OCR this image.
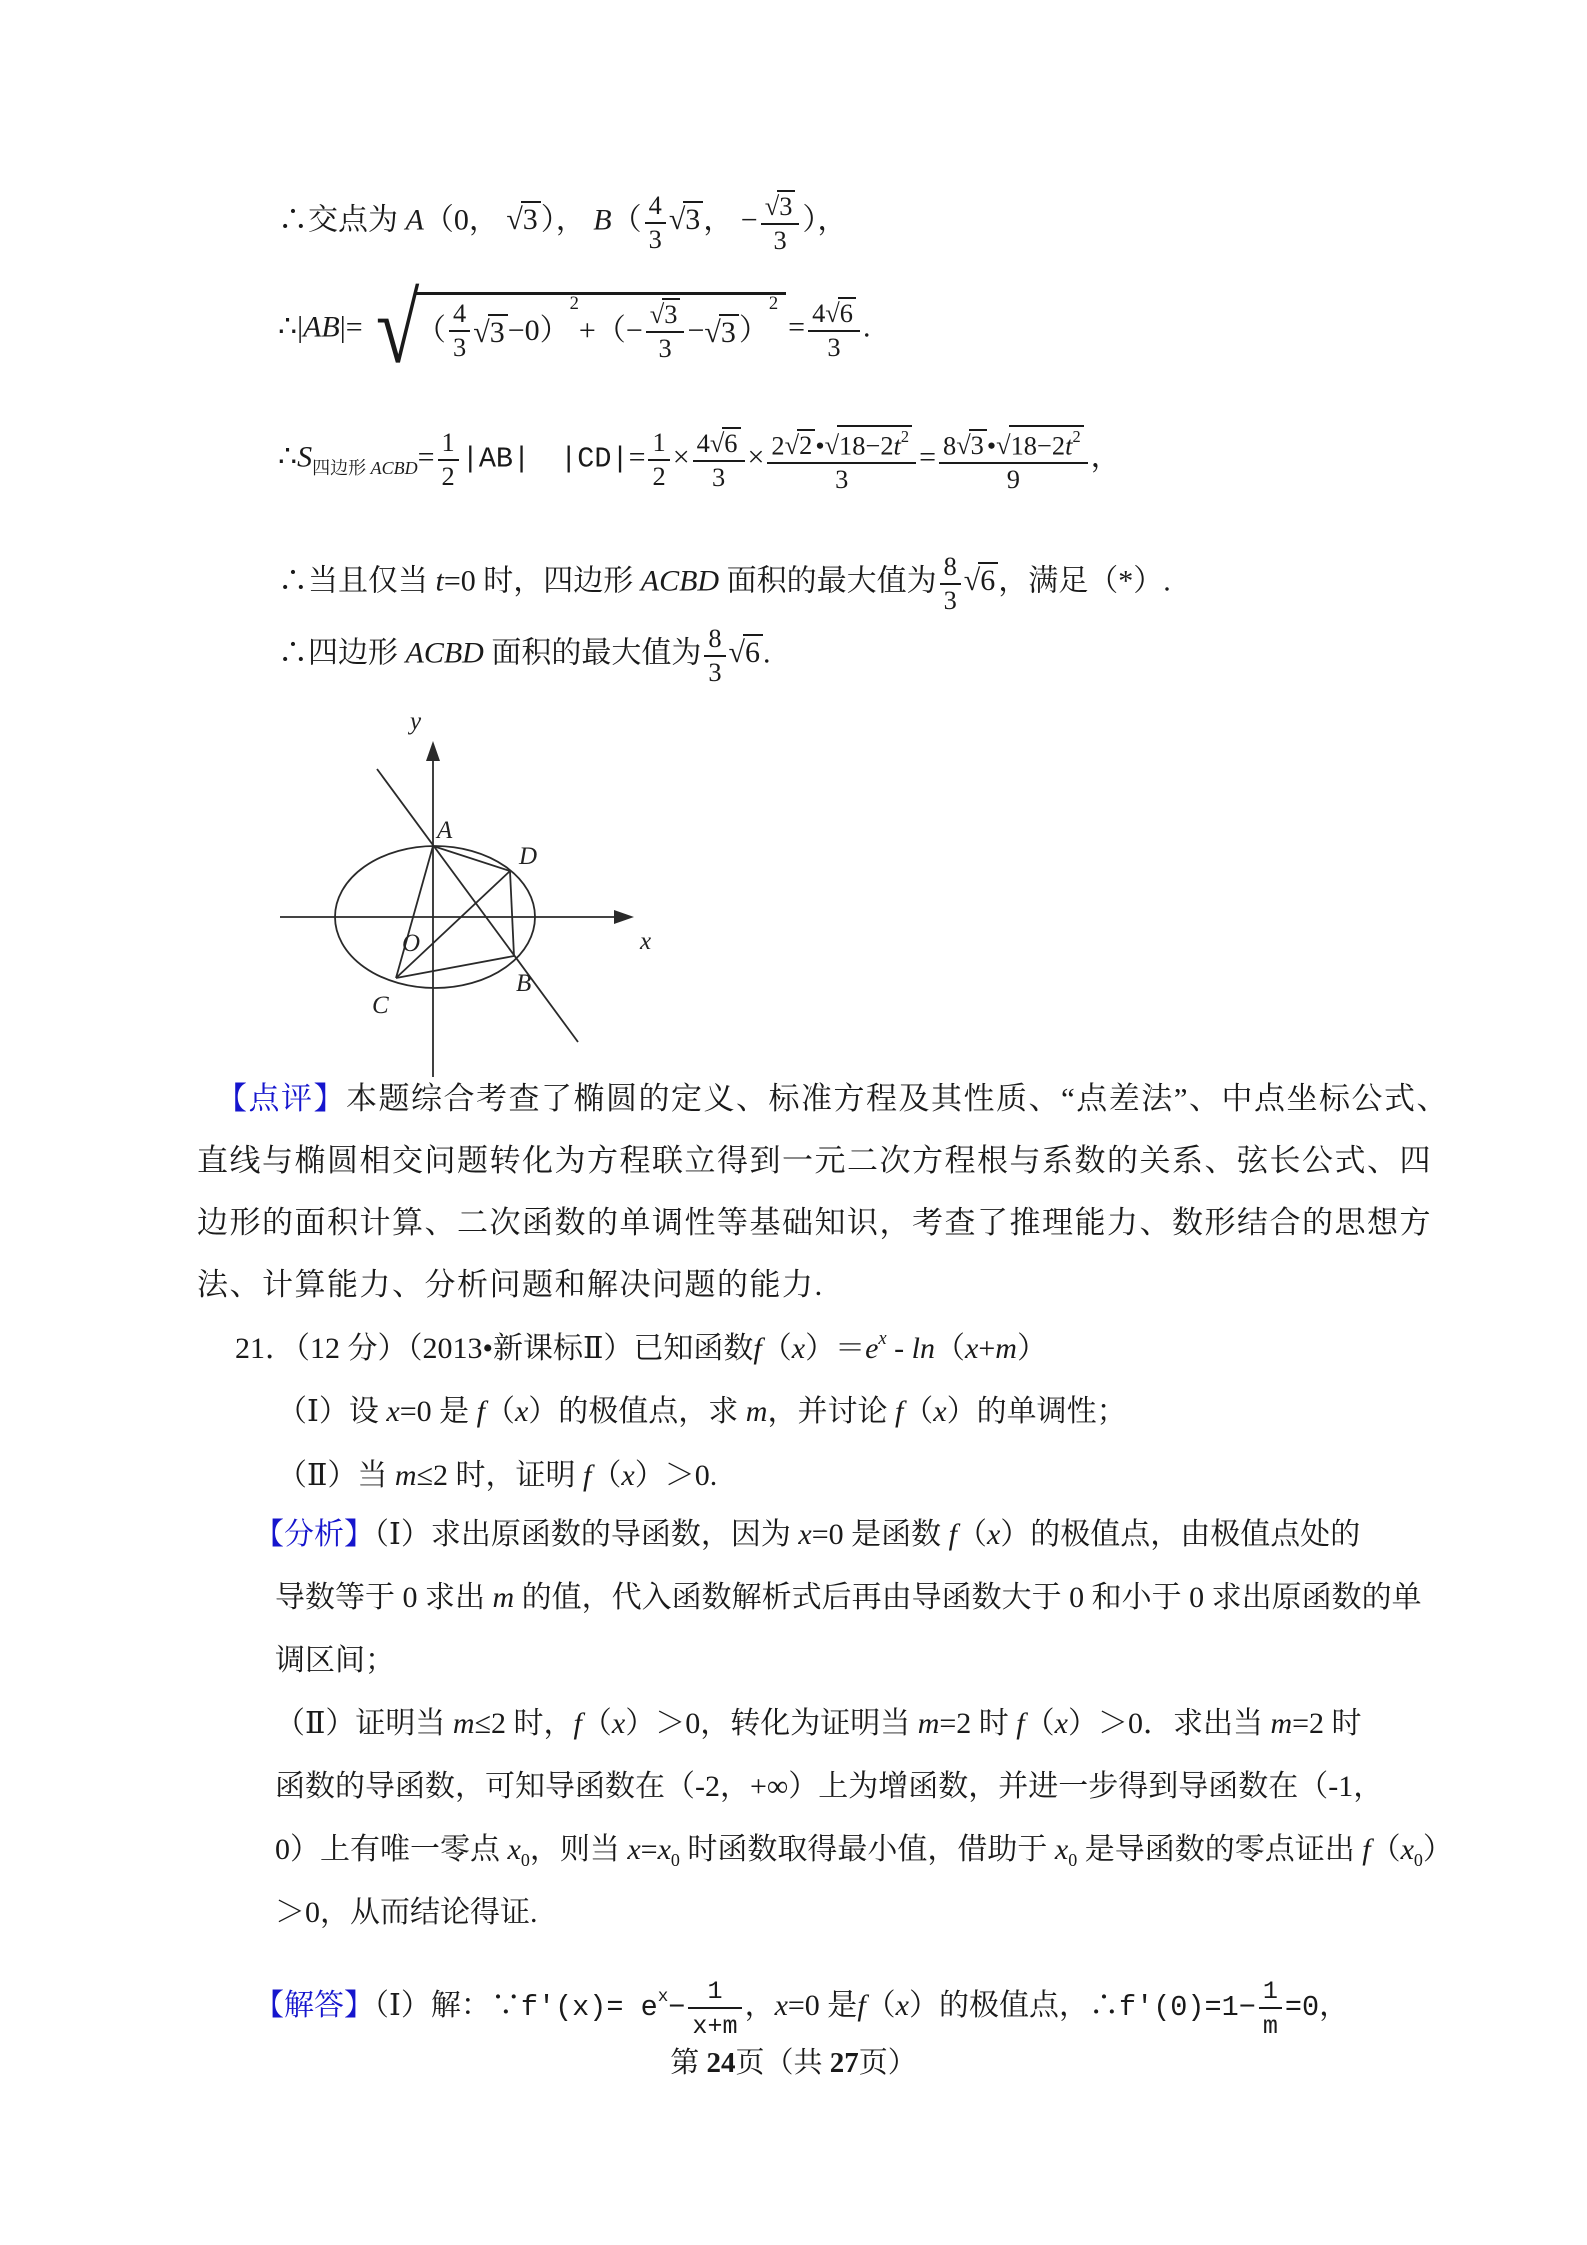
∴交点为 A（0， √3 ）， $B( \frac{4}{3} √3$ ， − $\frac{√3}{3}$ ），
∴|AB|= √
（ $\frac{4}{3} √3 -0$）
2
+（− $\frac{√3}{3} - √3$ ）
2
= $\frac{4√6}{3}$ .
$\therefore S_{四边形 ACBD}= \frac{1}{2} |AB|$　 $|CD|= \frac{1}{2} \times \frac{4√6}{3} \times \frac{2√2 •√18-2t^2}{3} = \frac{8√3 •√18-2t^2}{9}$ ，
∴当且仅当 t=0 时，四边形 ACBD 面积的最大值为 $\frac{8}{3} √6$ ，满足（*）.
∴四边形 ACBD 面积的最大值为 $\frac{8}{3} √6$ .
y
x
A
D
O
B
C
【点评】本题综合考查了椭圆的定义、标准方程及其性质、“点差法”、中点坐标公式、
直线与椭圆相交问题转化为方程联立得到一元二次方程根与系数的关系、弦长公式、四
边形的面积计算、二次函数的单调性等基础知识，考查了推理能力、数形结合的思想方
法、计算能力、分析问题和解决问题的能力.
21．（12 分）（2013•新课标Ⅱ）已知函数$f(x)=e^x - \ln(x+m)$
（Ⅰ）设 x=0 是 f（x）的极值点，求 m，并讨论 f（x）的单调性；
（Ⅱ）当 m≤2 时，证明 f（x）＞0.
【分析】（Ⅰ）求出原函数的导函数，因为 x=0 是函数 f（x）的极值点，由极值点处的
导数等于 0 求出 m 的值，代入函数解析式后再由导函数大于 0 和小于 0 求出原函数的单
调区间；
（Ⅱ）证明当 m≤2 时，f（x）＞0，转化为证明当 m=2 时 f（x）＞0．求出当 m=2 时
函数的导函数，可知导函数在（-2，+∞）上为增函数，并进一步得到导函数在（-1，
0）上有唯一零点 $x_0$，则当 $x=x_0$ 时函数取得最小值，借助于 $x_0$ 是导函数的零点证出 $f(x_0)$
＞0，从而结论得证.
【解答】（Ⅰ）解：∵f′(x)= $e^x- \frac{1}{x+m}$ ，x=0 是f（x）的极值点，∴f′(0)=1− $\frac{1}{m} =0$，
第 24页（共 27页）
